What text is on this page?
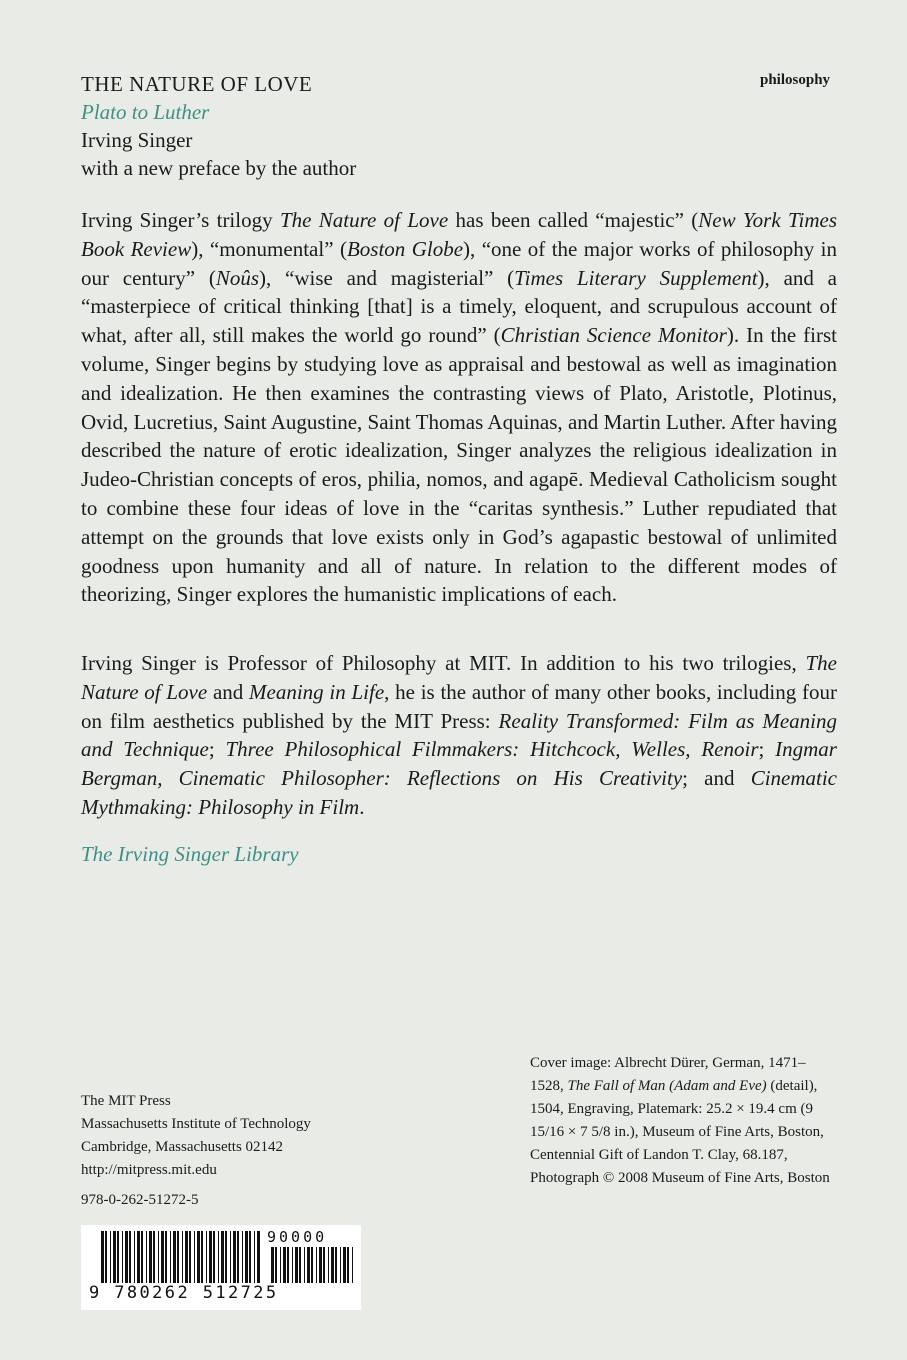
philosophy
THE NATURE OF LOVE
Plato to Luther
Irving Singer
with a new preface by the author

Irving Singer’s trilogy The Nature of Love has been called “majestic” (New York Times Book Review), “monumental” (Boston Globe), “one of the major works of philosophy in our century” (Noûs), “wise and magisterial” (Times Literary Supplement), and a “masterpiece of critical thinking [that] is a timely, eloquent, and scrupulous account of what, after all, still makes the world go round” (Christian Science Monitor). In the first volume, Singer begins by studying love as appraisal and bestowal as well as imagination and idealization. He then examines the contrasting views of Plato, Aristotle, Plotinus, Ovid, Lucretius, Saint Augustine, Saint Thomas Aquinas, and Martin Luther. After having described the nature of erotic idealization, Singer analyzes the religious idealization in Judeo-Christian concepts of eros, philia, nomos, and agapē. Medieval Catholicism sought to combine these four ideas of love in the “caritas synthesis.” Luther repudiated that attempt on the grounds that love exists only in God’s agapastic bestowal of unlimited goodness upon humanity and all of nature. In relation to the different modes of theorizing, Singer explores the humanistic implications of each.

Irving Singer is Professor of Philosophy at MIT. In addition to his two trilogies, The Nature of Love and Meaning in Life, he is the author of many other books, including four on film aesthetics published by the MIT Press: Reality Transformed: Film as Meaning and Technique; Three Philosophical Filmmakers: Hitchcock, Welles, Renoir; Ingmar Bergman, Cinematic Philosopher: Reflections on His Creativity; and Cinematic Mythmaking: Philosophy in Film.

The Irving Singer Library
The MIT Press
Massachusetts Institute of Technology
Cambridge, Massachusetts 02142
http://mitpress.mit.edu
978-0-262-51272-5
Cover image: Albrecht Dürer, German, 1471–1528, The Fall of Man (Adam and Eve) (detail), 1504, Engraving, Platemark: 25.2 × 19.4 cm (9 15/16 × 7 5/8 in.), Museum of Fine Arts, Boston, Centennial Gift of Landon T. Clay, 68.187, Photograph © 2008 Museum of Fine Arts, Boston
90000
9 780262 512725
